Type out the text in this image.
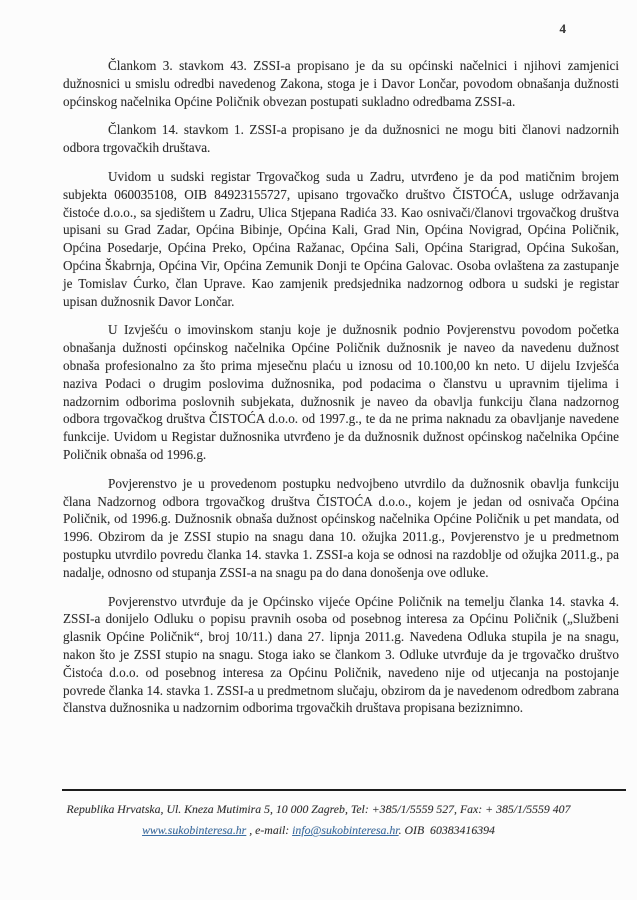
4

Člankom 3. stavkom 43. ZSSI-a propisano je da su općinski načelnici i njihovi zamjenici dužnosnici u smislu odredbi navedenog Zakona, stoga je i Davor Lončar, povodom obnašanja dužnosti općinskog načelnika Općine Poličnik obvezan postupati sukladno odredbama ZSSI-a.

Člankom 14. stavkom 1. ZSSI-a propisano je da dužnosnici ne mogu biti članovi nadzornih odbora trgovačkih društava.

Uvidom u sudski registar Trgovačkog suda u Zadru, utvrđeno je da pod matičnim brojem subjekta 060035108, OIB 84923155727, upisano trgovačko društvo ČISTOĆA, usluge održavanja čistoće d.o.o., sa sjedištem u Zadru, Ulica Stjepana Radića 33. Kao osnivači/članovi trgovačkog društva upisani su Grad Zadar, Općina Bibinje, Općina Kali, Grad Nin, Općina Novigrad, Općina Poličnik, Općina Posedarje, Općina Preko, Općina Ražanac, Općina Sali, Općina Starigrad, Općina Sukošan, Općina Škabrnja, Općina Vir, Općina Zemunik Donji te Općina Galovac. Osoba ovlaštena za zastupanje je Tomislav Ćurko, član Uprave. Kao zamjenik predsjednika nadzornog odbora u sudski je registar upisan dužnosnik Davor Lončar.

U Izvješću o imovinskom stanju koje je dužnosnik podnio Povjerenstvu povodom početka obnašanja dužnosti općinskog načelnika Općine Poličnik dužnosnik je naveo da navedenu dužnost obnaša profesionalno za što prima mjesečnu plaću u iznosu od 10.100,00 kn neto. U dijelu Izvješća naziva Podaci o drugim poslovima dužnosnika, pod podacima o članstvu u upravnim tijelima i nadzornim odborima poslovnih subjekata, dužnosnik je naveo da obavlja funkciju člana nadzornog odbora trgovačkog društva ČISTOĆA d.o.o. od 1997.g., te da ne prima naknadu za obavljanje navedene funkcije. Uvidom u Registar dužnosnika utvrđeno je da dužnosnik dužnost općinskog načelnika Općine Poličnik obnaša od 1996.g.

Povjerenstvo je u provedenom postupku nedvojbeno utvrdilo da dužnosnik obavlja funkciju člana Nadzornog odbora trgovačkog društva ČISTOĆA d.o.o., kojem je jedan od osnivača Općina Poličnik, od 1996.g. Dužnosnik obnaša dužnost općinskog načelnika Općine Poličnik u pet mandata, od 1996. Obzirom da je ZSSI stupio na snagu dana 10. ožujka 2011.g., Povjerenstvo je u predmetnom postupku utvrdilo povredu članka 14. stavka 1. ZSSI-a koja se odnosi na razdoblje od ožujka 2011.g., pa nadalje, odnosno od stupanja ZSSI-a na snagu pa do dana donošenja ove odluke.

Povjerenstvo utvrđuje da je Općinsko vijeće Općine Poličnik na temelju članka 14. stavka 4. ZSSI-a donijelo Odluku o popisu pravnih osoba od posebnog interesa za Općinu Poličnik („Službeni glasnik Općine Poličnik“, broj 10/11.) dana 27. lipnja 2011.g. Navedena Odluka stupila je na snagu, nakon što je ZSSI stupio na snagu. Stoga iako se člankom 3. Odluke utvrđuje da je trgovačko društvo Čistoća d.o.o. od posebnog interesa za Općinu Poličnik, navedeno nije od utjecanja na postojanje povrede članka 14. stavka 1. ZSSI-a u predmetnom slučaju, obzirom da je navedenom odredbom zabrana članstva dužnosnika u nadzornim odborima trgovačkih društava propisana beziznimno.

Republika Hrvatska, Ul. Kneza Mutimira 5, 10 000 Zagreb, Tel: +385/1/5559 527, Fax: + 385/1/5559 407
www.sukobinteresa.hr , e-mail: info@sukobinteresa.hr. OIB  60383416394
